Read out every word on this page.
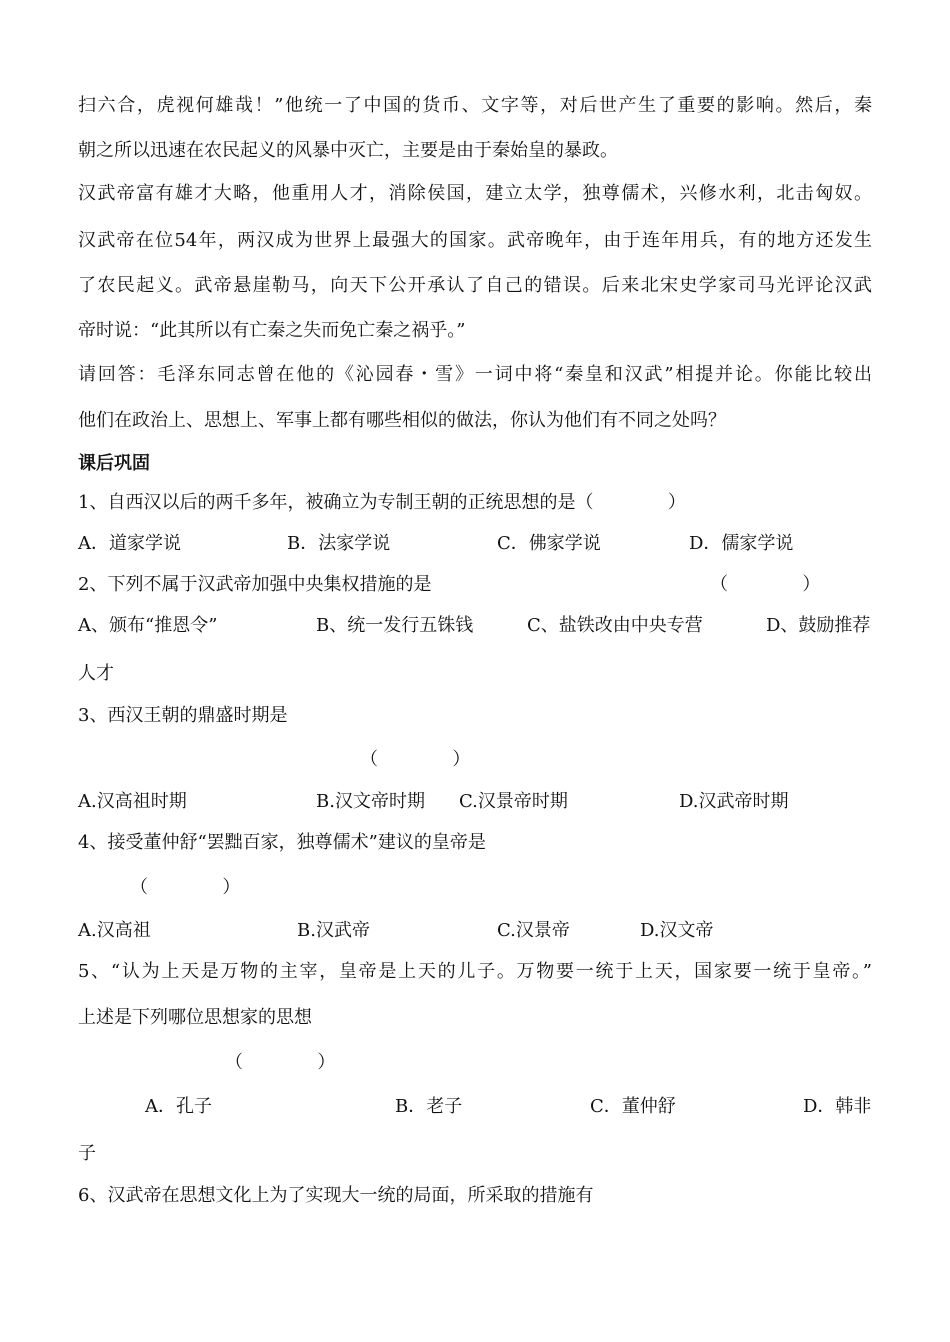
扫六合，虎视何雄哉！”他统一了中国的货币、文字等，对后世产生了重要的影响。然后，秦
朝之所以迅速在农民起义的风暴中灭亡，主要是由于秦始皇的暴政。
汉武帝富有雄才大略，他重用人才，消除侯国，建立太学，独尊儒术，兴修水利，北击匈奴。
汉武帝在位54年，两汉成为世界上最强大的国家。武帝晚年，由于连年用兵，有的地方还发生
了农民起义。武帝悬崖勒马，向天下公开承认了自己的错误。后来北宋史学家司马光评论汉武
帝时说：“此其所以有亡秦之失而免亡秦之祸乎。”
请回答：毛泽东同志曾在他的《沁园春・雪》一词中将“秦皇和汉武”相提并论。你能比较出
他们在政治上、思想上、军事上都有哪些相似的做法，你认为他们有不同之处吗？
课后巩固
1、自西汉以后的两千多年，被确立为专制王朝的正统思想的是（             ）
A．道家学说	B．法家学说	C．佛家学说	D．儒家学说
2、下列不属于汉武帝加强中央集权措施的是	（             ）
A、颁布“推恩令”	B、统一发行五铢钱	C、盐铁改由中央专营	D、鼓励推荐
人才
3、西汉王朝的鼎盛时期是
（             ）
A.汉高祖时期	B.汉文帝时期 C.汉景帝时期	D.汉武帝时期
4、接受董仲舒“罢黜百家，独尊儒术”建议的皇帝是
（             ）
A.汉高祖	B.汉武帝	C.汉景帝	D.汉文帝
5、“认为上天是万物的主宰，皇帝是上天的儿子。万物要一统于上天，国家要一统于皇帝。”
上述是下列哪位思想家的思想
（             ）
A．孔子	B．老子	C．董仲舒	D．韩非
子
6、汉武帝在思想文化上为了实现大一统的局面，所采取的措施有
